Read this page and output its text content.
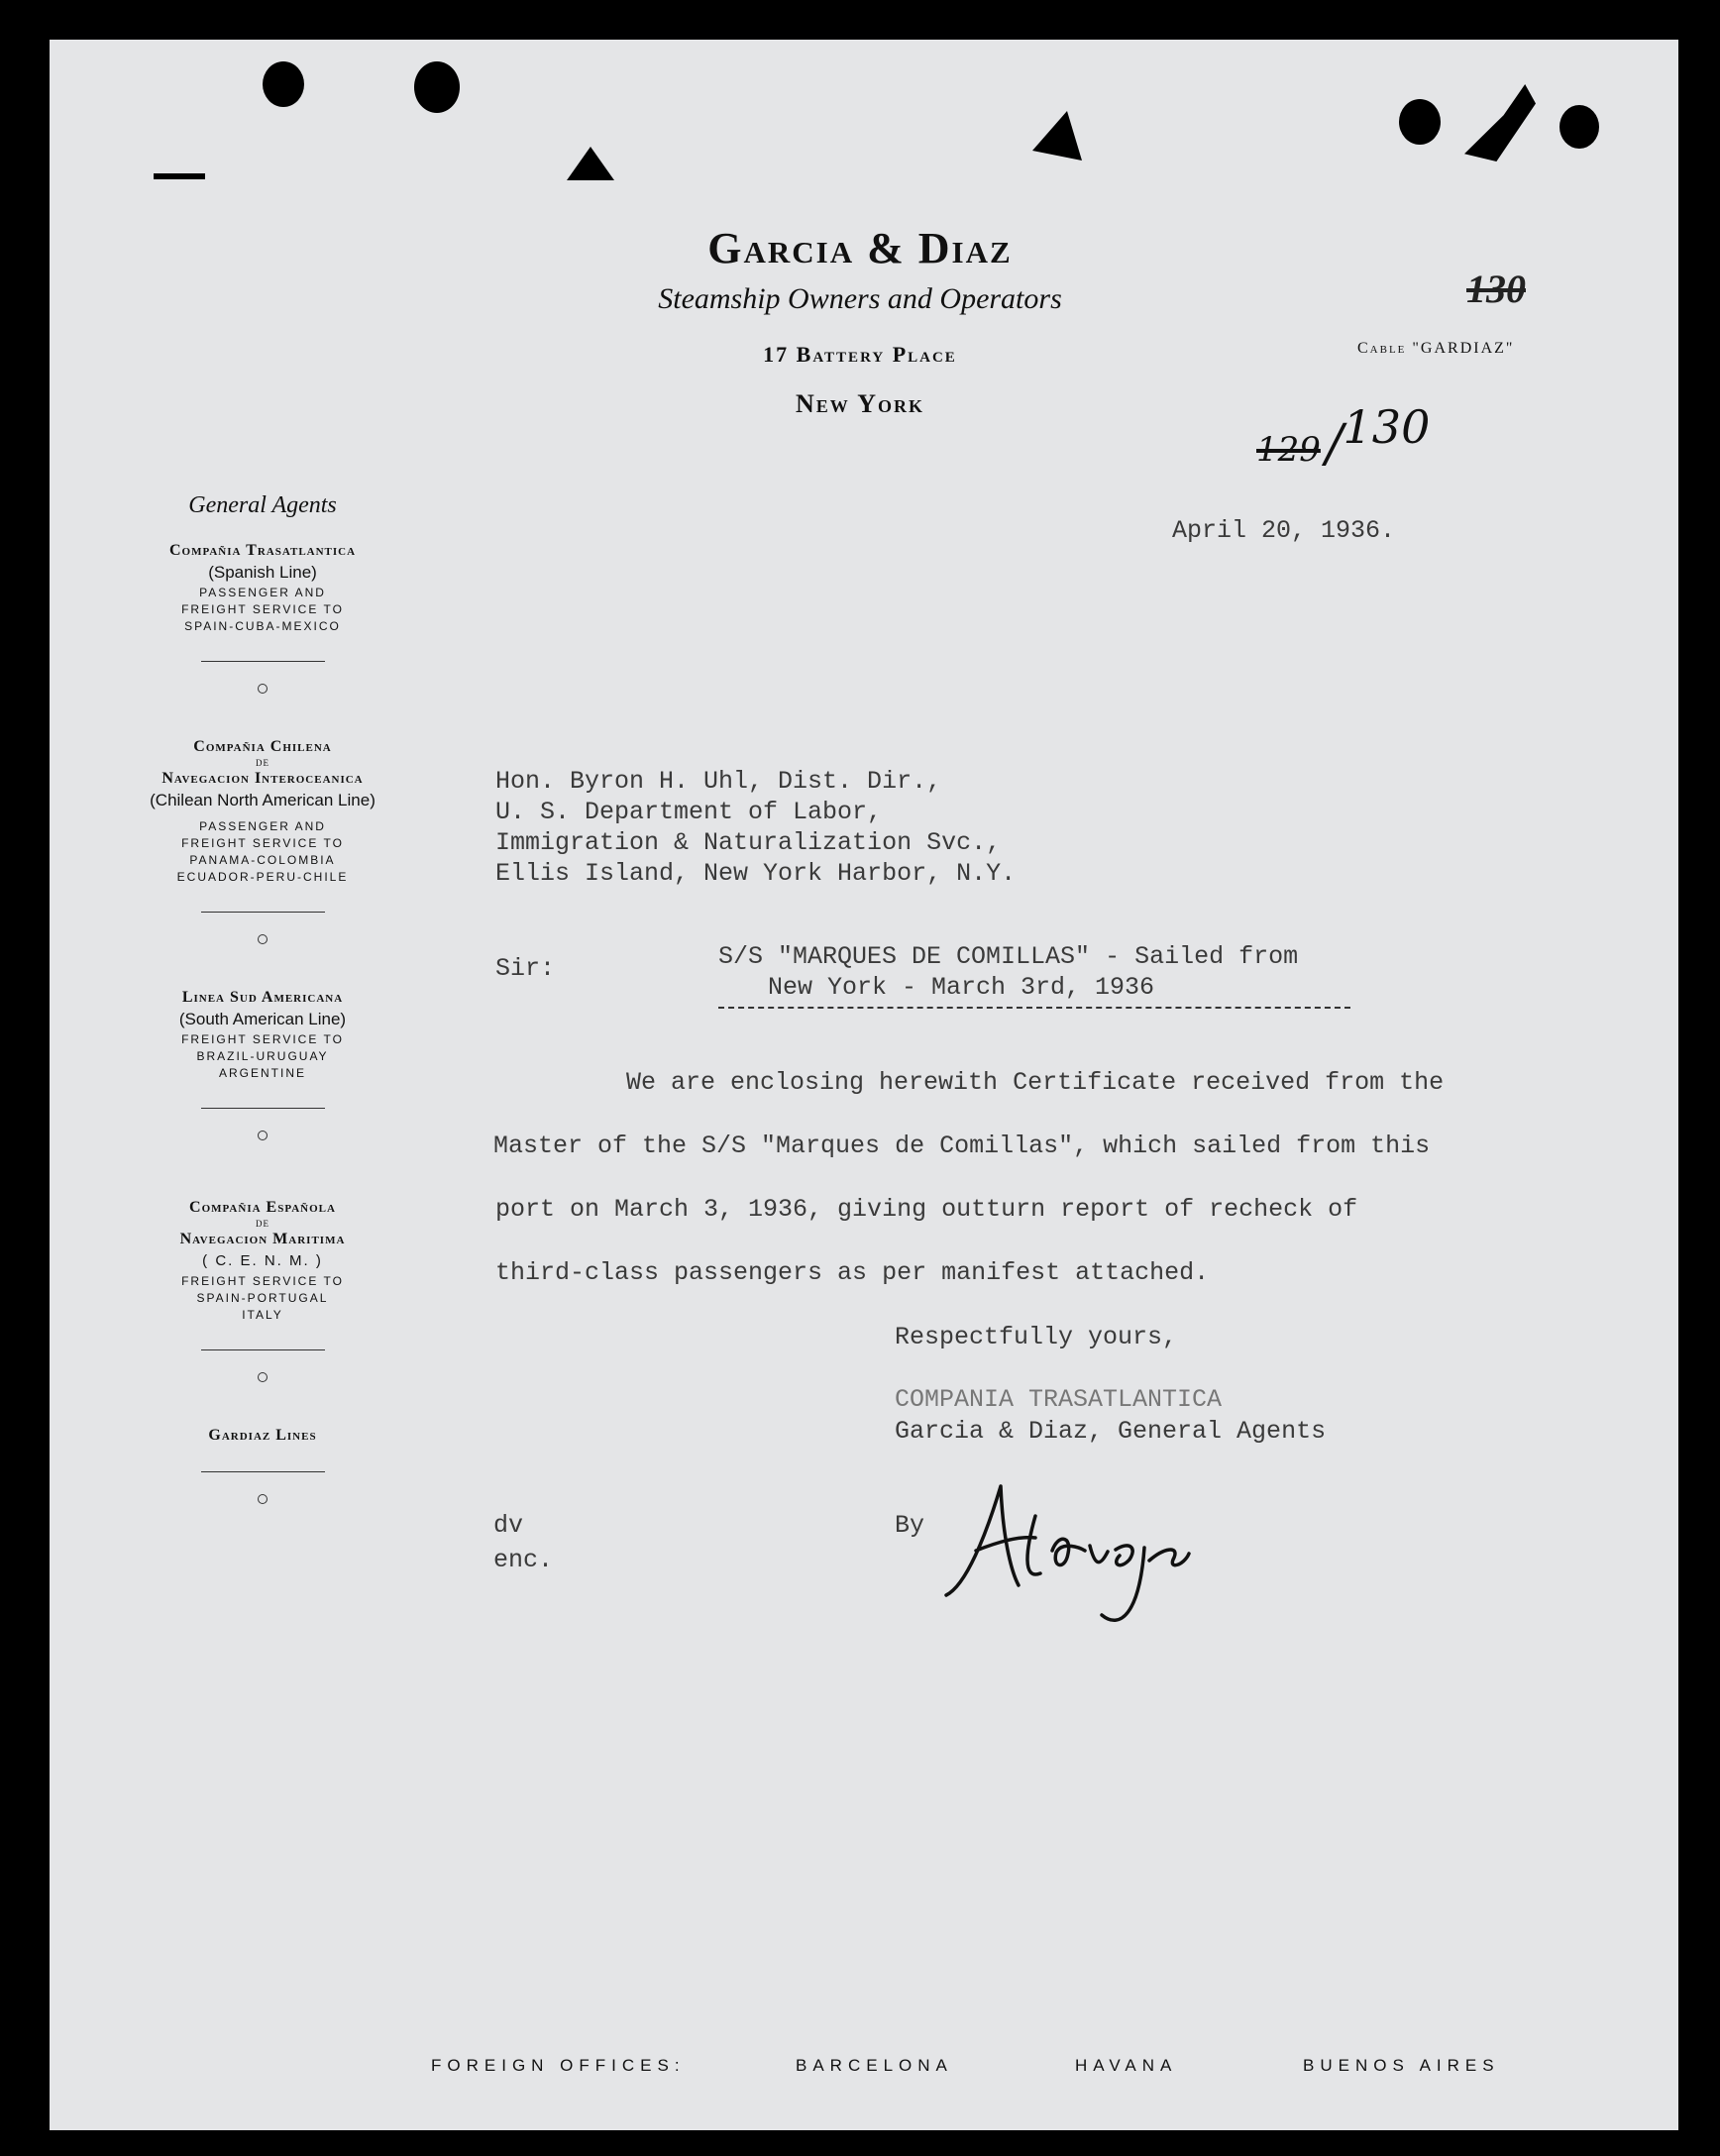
Garcia & Diaz
Steamship Owners and Operators
17 Battery Place
New York
Cable "GARDIAZ"
130
129 /130
General Agents
Compañia Trasatlantica
(Spanish Line)
PASSENGER AND
FREIGHT SERVICE TO
SPAIN-CUBA-MEXICO
Compañia Chilena
DE
Navegacion Interoceanica
(Chilean North American Line)
PASSENGER AND
FREIGHT SERVICE TO
PANAMA-COLOMBIA
ECUADOR-PERU-CHILE
Linea Sud Americana
(South American Line)
FREIGHT SERVICE TO
BRAZIL-URUGUAY
ARGENTINE
Compañia Española
DE
Navegacion Maritima
( C. E. N. M. )
FREIGHT SERVICE TO
SPAIN-PORTUGAL
ITALY
Gardiaz Lines
April 20, 1936.
Hon. Byron H. Uhl, Dist. Dir.,
U. S. Department of Labor,
Immigration & Naturalization Svc.,
Ellis Island, New York Harbor, N.Y.
Sir:	S/S "MARQUES DE COMILLAS" - Sailed from
New York - March 3rd, 1936
We are enclosing herewith Certificate received from the
Master of the S/S "Marques de Comillas", which sailed from this
port on March 3, 1936, giving outturn report of recheck of
third-class passengers as per manifest attached.
Respectfully yours,
COMPANIA TRASATLANTICA
Garcia & Diaz, General Agents
dv
enc.
By
FOREIGN OFFICES:	BARCELONA	HAVANA	BUENOS AIRES
